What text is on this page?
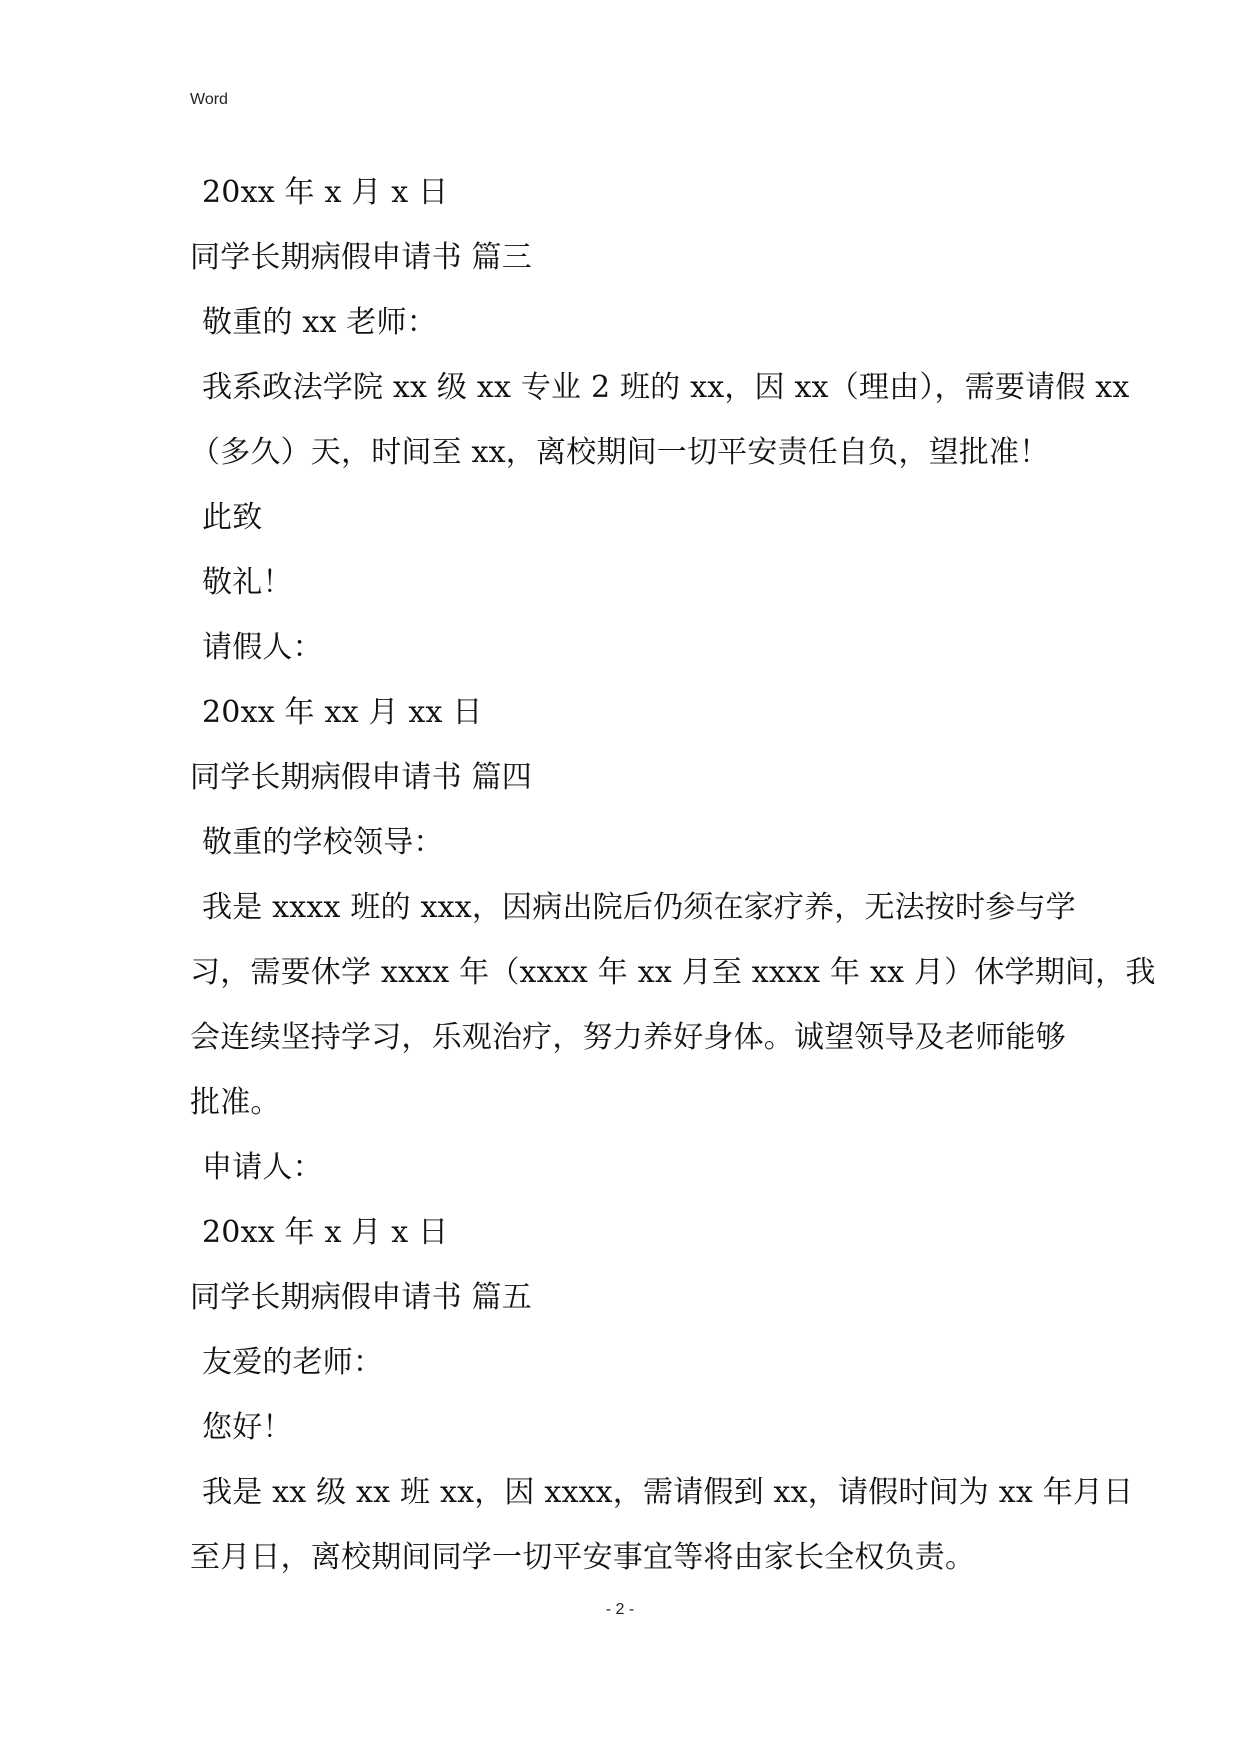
Word
20xx 年 x 月 x 日
同学长期病假申请书 篇三
敬重的 xx 老师：
我系政法学院 xx 级 xx 专业 2 班的 xx，因 xx（理由），需要请假 xx
（多久）天，时间至 xx，离校期间一切平安责任自负，望批准！
此致
敬礼！
请假人：
20xx 年 xx 月 xx 日
同学长期病假申请书 篇四
敬重的学校领导：
我是 xxxx 班的 xxx，因病出院后仍须在家疗养，无法按时参与学
习，需要休学 xxxx 年（xxxx 年 xx 月至 xxxx 年 xx 月）休学期间，我
会连续坚持学习，乐观治疗，努力养好身体。诚望领导及老师能够
批准。
申请人：
20xx 年 x 月 x 日
同学长期病假申请书 篇五
友爱的老师：
您好！
我是 xx 级 xx 班 xx，因 xxxx，需请假到 xx，请假时间为 xx 年月日
至月日，离校期间同学一切平安事宜等将由家长全权负责。
- 2 -
